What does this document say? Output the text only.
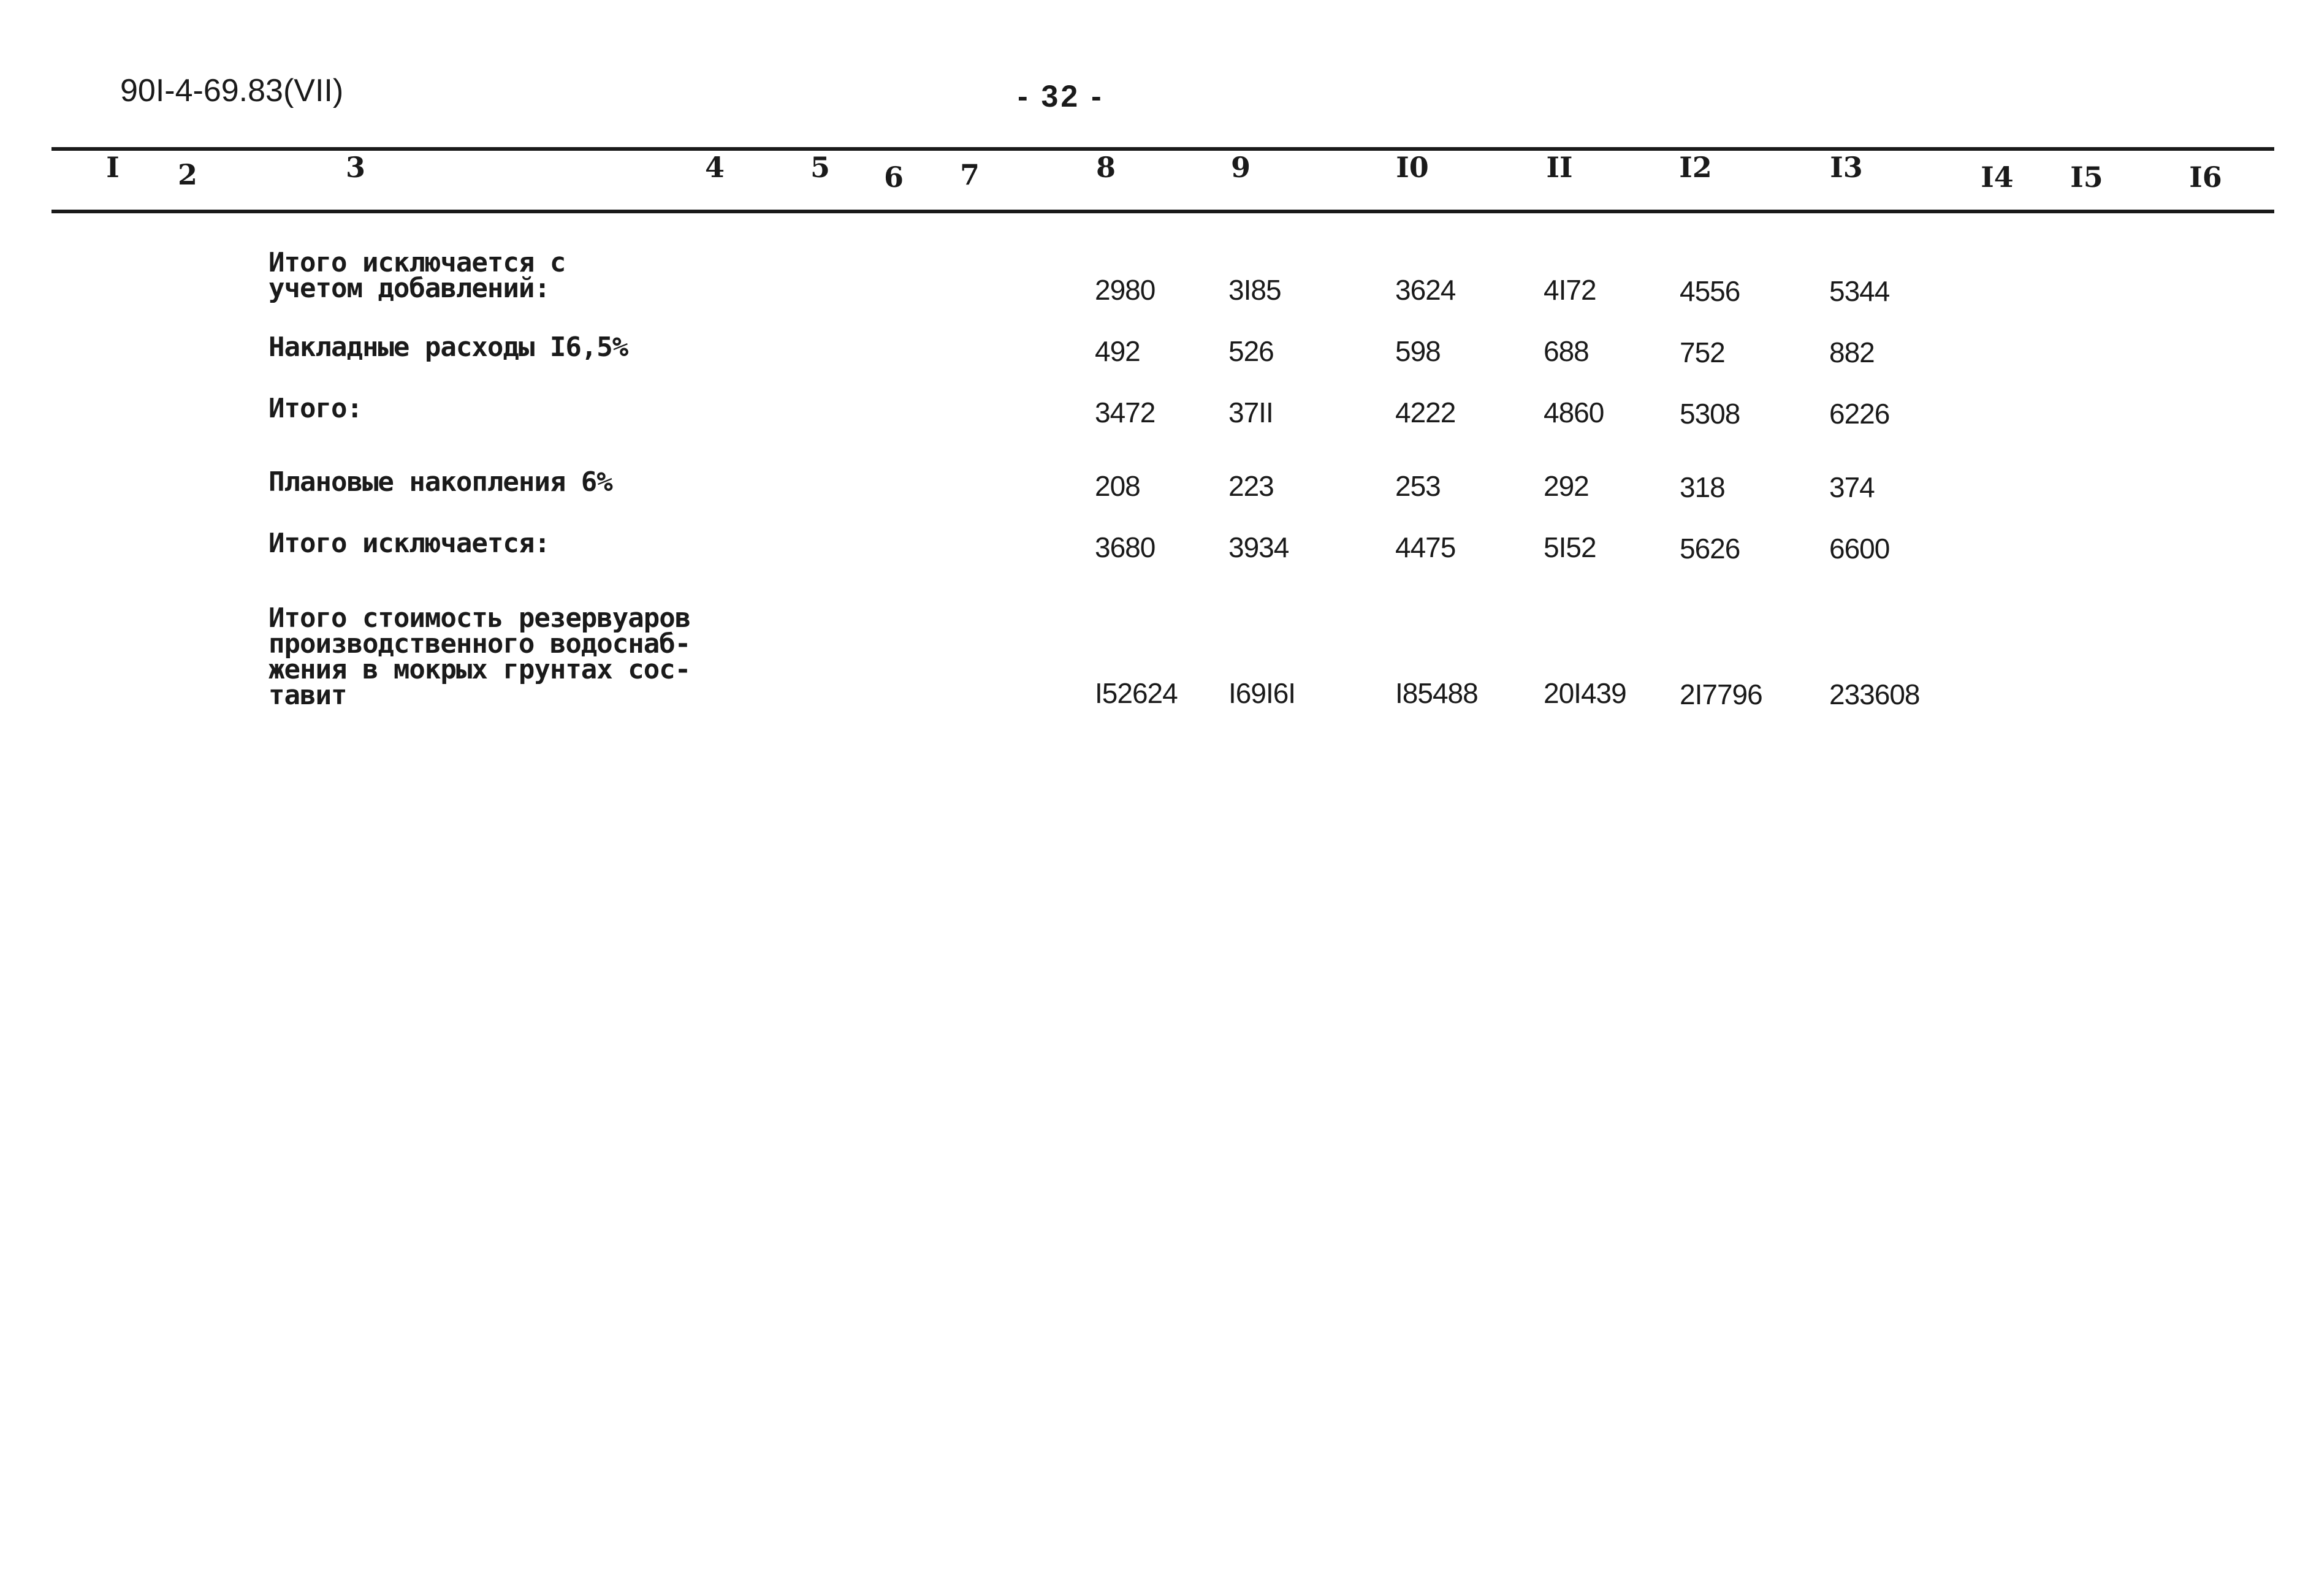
90I-4-69.83(VII)	- 32 -
I 2	3	4	5 6 7	8	9	I0	II	I2	I3	I4 I5	I6
Итого исключается с
учетом добавлений:	2980	3I85	3624	4I72	4556	5344
Накладные расходы I6,5%	492	526	598	688	752	882
Итого:	3472	37II	4222	4860	5308	6226
Плановые накопления 6%	208	223	253	292	318	374
Итого исключается:	3680	3934	4475	5I52	5626	6600
Итого стоимость резервуаров
производственного водоснаб-
жения в мокрых грунтах сос-
тавит	I52624 I69I6I	I85488 20I439 2I7796 233608
